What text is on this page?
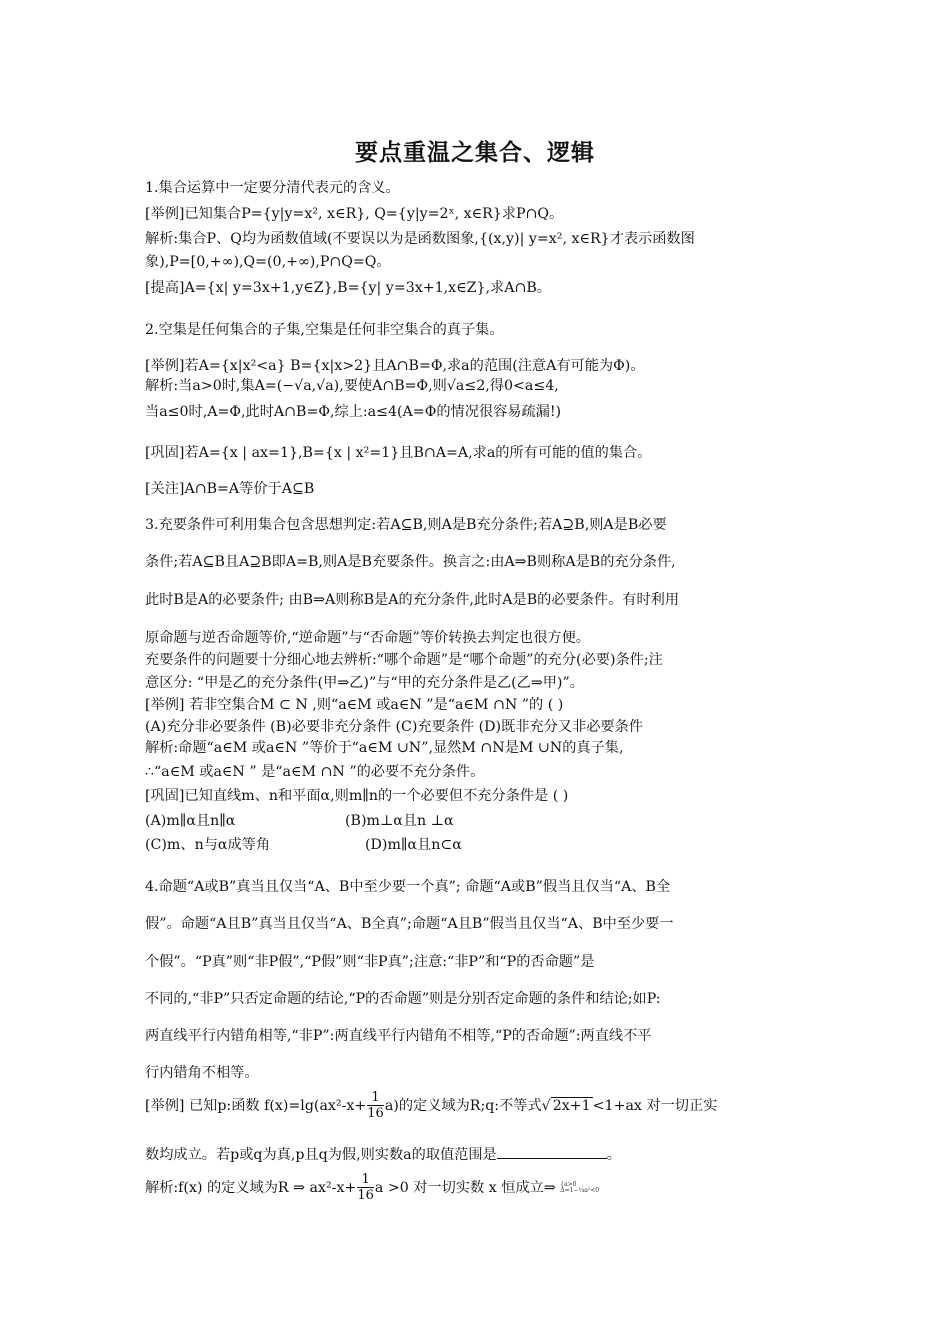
要点重温之集合、逻辑
1.集合运算中一定要分清代表元的含义。
[举例]已知集合P={y|y=x², x∈R}, Q={y|y=2ˣ, x∈R}求P∩Q。
解析:集合P、Q均为函数值域(不要误以为是函数图象,{(x,y)| y=x², x∈R}才表示函数图
象),P=[0,+∞),Q=(0,+∞),P∩Q=Q。
[提高]A={x| y=3x+1,y∈Z},B={y| y=3x+1,x∈Z},求A∩B。
2.空集是任何集合的子集,空集是任何非空集合的真子集。
[举例]若A={x|x²<a} B={x|x>2}且A∩B=Φ,求a的范围(注意A有可能为Φ)。
解析:当a>0时,集A=(−√a,√a),要使A∩B=Φ,则√a≤2,得0<a≤4,
当a≤0时,A=Φ,此时A∩B=Φ,综上:a≤4(A=Φ的情况很容易疏漏!)
[巩固]若A={x | ax=1},B={x | x²=1}且B∩A=A,求a的所有可能的值的集合。
[关注]A∩B=A等价于A⊆B
3.充要条件可利用集合包含思想判定:若A⊆B,则A是B充分条件;若A⊇B,则A是B必要
条件;若A⊆B且A⊇B即A=B,则A是B充要条件。换言之:由A⇒B则称A是B的充分条件,
此时B是A的必要条件; 由B⇒A则称B是A的充分条件,此时A是B的必要条件。有时利用
原命题与逆否命题等价,“逆命题”与“否命题”等价转换去判定也很方便。
充要条件的问题要十分细心地去辨析:“哪个命题”是“哪个命题”的充分(必要)条件;注
意区分: “甲是乙的充分条件(甲⇒乙)”与“甲的充分条件是乙(乙⇒甲)”。
[举例] 若非空集合M ⊂ N ,则“a∈M 或a∈N ”是“a∈M ∩N ”的 ( )
(A)充分非必要条件 (B)必要非充分条件 (C)充要条件 (D)既非充分又非必要条件
解析:命题“a∈M 或a∈N ”等价于“a∈M ∪N”,显然M ∩N是M ∪N的真子集,
∴“a∈M 或a∈N ” 是“a∈M ∩N ”的必要不充分条件。
[巩固]已知直线m、n和平面α,则m∥n的一个必要但不充分条件是 ( )
(A)m∥α且n∥α	(B)m⊥α且n ⊥α
(C)m、n与α成等角	(D)m∥α且n⊂α
4.命题“A或B”真当且仅当“A、B中至少要一个真”; 命题“A或B”假当且仅当“A、B全
假”。命题“A且B”真当且仅当“A、B全真”;命题“A且B”假当且仅当“A、B中至少要一
个假”。“P真”则“非P假”,“P假”则“非P真”;注意:“非P”和“P的否命题”是
不同的,“非P”只否定命题的结论,“P的否命题”则是分别否定命题的条件和结论;如P:
两直线平行内错角相等,“非P”:两直线平行内错角不相等,“P的否命题”:两直线不平
行内错角不相等。
[举例] 已知p:函数 $f(x)=\lg(ax^2-x+ \frac{1}{16} a)$的定义域为R;q:不等式√ 2x+1 <1+ax 对一切正实
数均成立。若p或q为真,p且q为假,则实数a的取值范围是	。
解析:f(x) 的定义域为R ⇒ $ax^2-x+ \frac{1}{16}$ a >0 对一切实数 x 恒成立⇒ {a>0
Δ=1−¼a²<0
